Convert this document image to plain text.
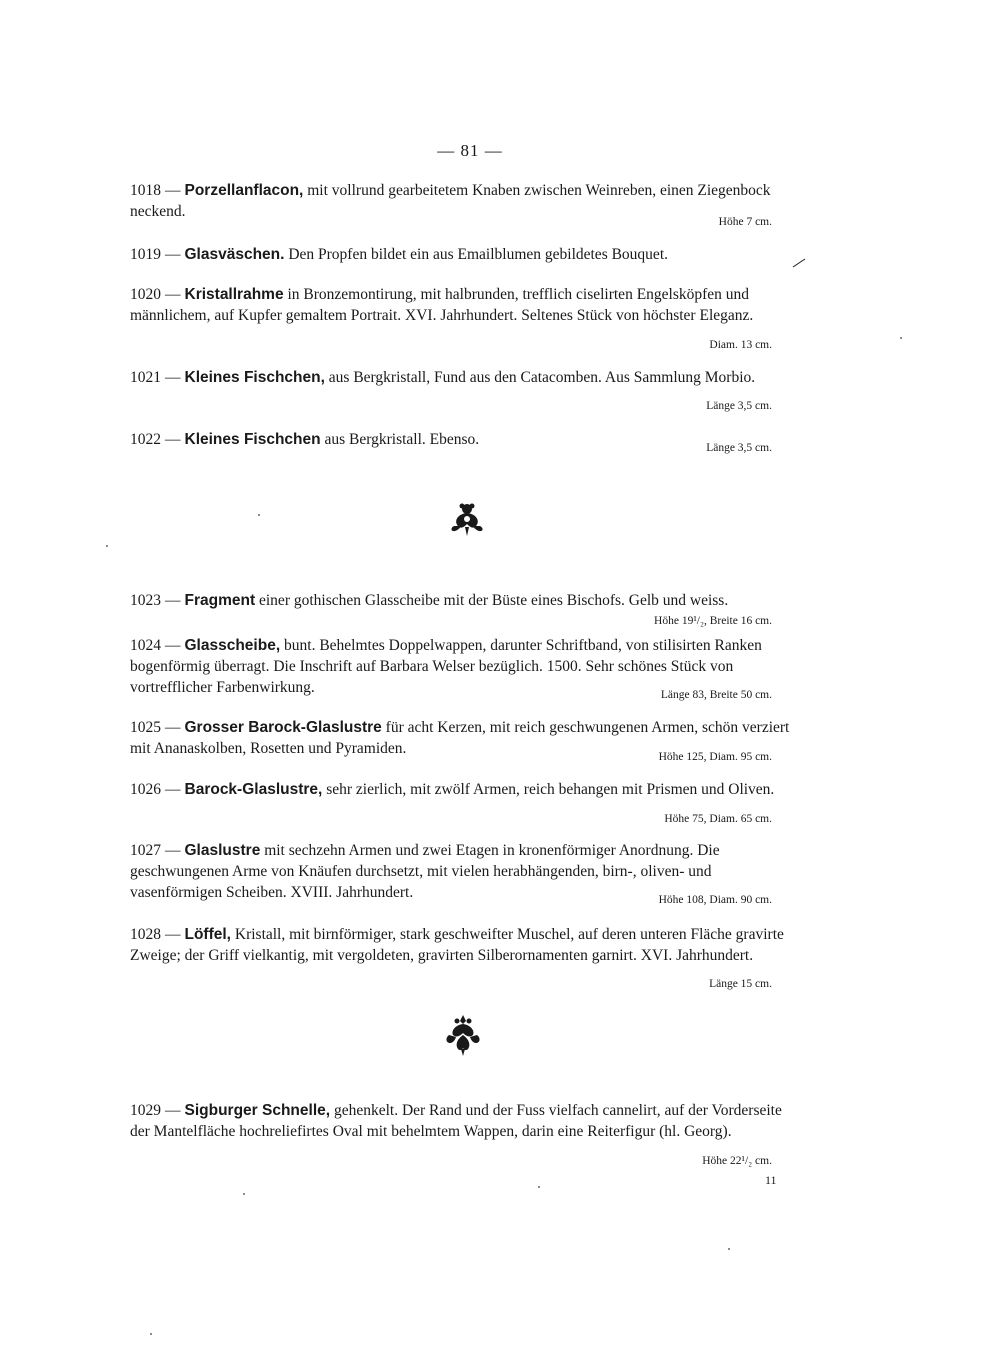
— 81 —
1018 — Porzellanflacon, mit vollrund gearbeitetem Knaben zwischen Weinreben, einen Ziegenbock neckend.
Höhe 7 cm.
1019 — Glasväschen. Den Propfen bildet ein aus Emailblumen gebildetes Bouquet.
1020 — Kristallrahme in Bronzemontirung, mit halbrunden, trefflich ciselirten Engelsköpfen und männlichem, auf Kupfer gemaltem Portrait. XVI. Jahrhundert. Seltenes Stück von höchster Eleganz.
Diam. 13 cm.
1021 — Kleines Fischchen, aus Bergkristall, Fund aus den Catacomben. Aus Sammlung Morbio.
Länge 3,5 cm.
1022 — Kleines Fischchen aus Bergkristall. Ebenso.	Länge 3,5 cm.
1023 — Fragment einer gothischen Glasscheibe mit der Büste eines Bischofs. Gelb und weiss.
Höhe 19¹/₂, Breite 16 cm.
1024 — Glasscheibe, bunt. Behelmtes Doppelwappen, darunter Schriftband, von stilisirten Ranken bogenförmig überragt. Die Inschrift auf Barbara Welser bezüglich. 1500. Sehr schönes Stück von vortrefflicher Farbenwirkung.	Länge 83, Breite 50 cm.
1025 — Grosser Barock-Glaslustre für acht Kerzen, mit reich geschwungenen Armen, schön verziert mit Ananaskolben, Rosetten und Pyramiden.	Höhe 125, Diam. 95 cm.
1026 — Barock-Glaslustre, sehr zierlich, mit zwölf Armen, reich behangen mit Prismen und Oliven.
Höhe 75, Diam. 65 cm.
1027 — Glaslustre mit sechzehn Armen und zwei Etagen in kronenförmiger Anordnung. Die geschwungenen Arme von Knäufen durchsetzt, mit vielen herabhängenden, birn-, oliven- und vasenförmigen Scheiben. XVIII. Jahrhundert.	Höhe 108, Diam. 90 cm.
1028 — Löffel, Kristall, mit birnförmiger, stark geschweifter Muschel, auf deren unteren Fläche gravirte Zweige; der Griff vielkantig, mit vergoldeten, gravirten Silberornamenten garnirt. XVI. Jahrhundert.
Länge 15 cm.
1029 — Sigburger Schnelle, gehenkelt. Der Rand und der Fuss vielfach cannelirt, auf der Vorderseite der Mantelfläche hochreliefirtes Oval mit behelmtem Wappen, darin eine Reiterfigur (hl. Georg).
Höhe 22¹/₂ cm.
11
